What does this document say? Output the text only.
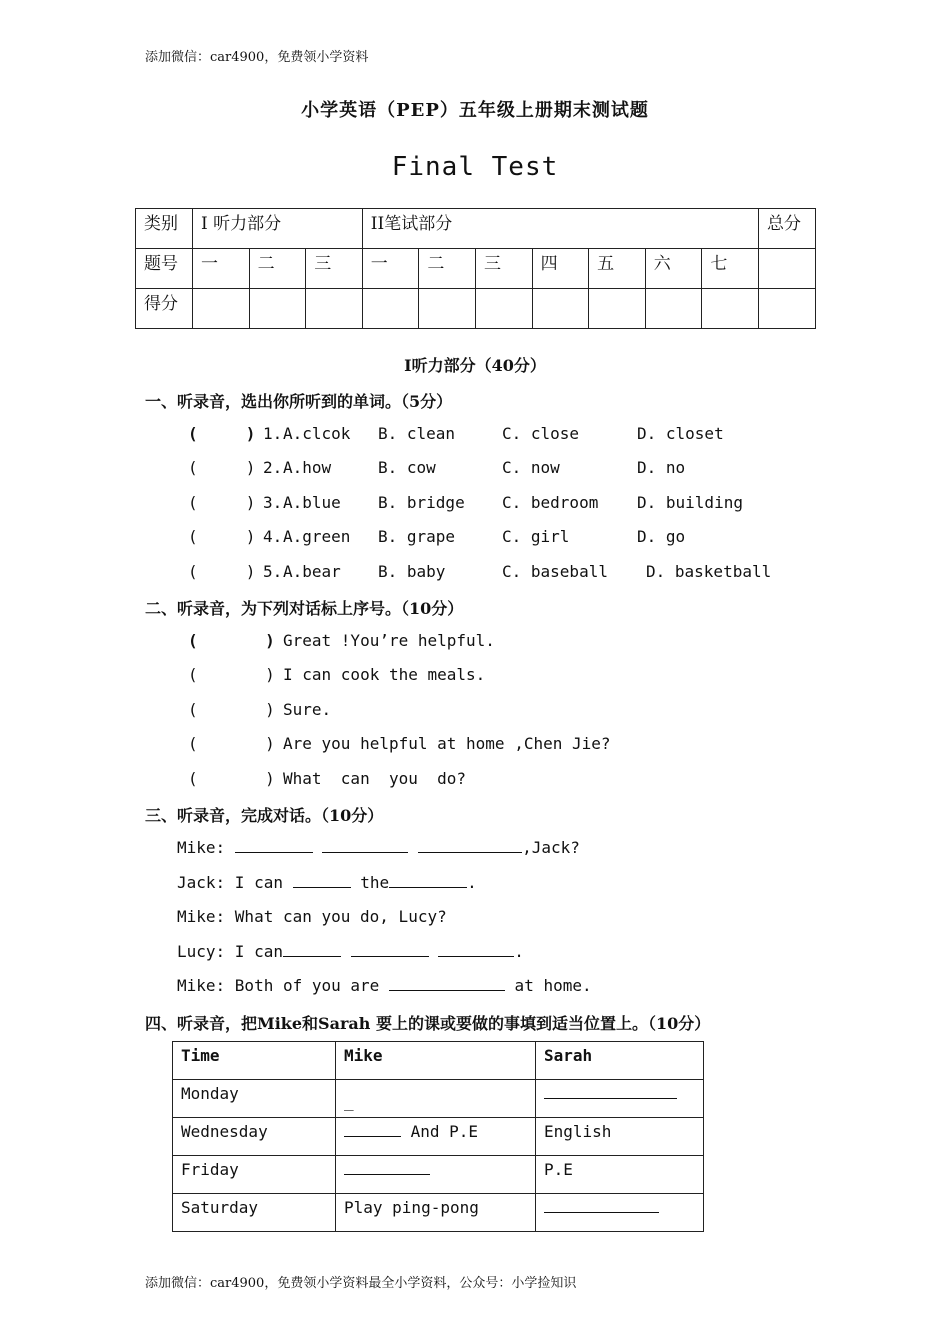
添加微信：car4900，免费领小学资料
小学英语（PEP）五年级上册期末测试题
Final Test
类别	I 听力部分			II笔试部分							总分
题号	一	二	三	一	二	三	四	五	六	七	
得分											
I听力部分（40分）
一、听录音，选出你所听到的单词。（5分）
(     ) 1. A.clcok B. clean	C. close	D. closet
(     ) 2. A.how	B. cow	C. now	D. no
(     ) 3. A.blue B. bridge C. bedroom D. building
(     ) 4. A.green B. grape	C. girl	D. go
(     ) 5. A.bear B. baby	C. baseball D. basketball
二、听录音，为下列对话标上序号。（10分）
(       ) Great !You’re helpful.
(       ) I can cook the meals.
(       ) Sure.
(       ) Are you helpful at home ,Chen Jie?
(       ) What  can  you  do?
三、听录音，完成对话。（10分）
Mike:	,Jack?
Jack: I can	the	.
Mike: What can you do, Lucy?
Lucy: I can	.
Mike: Both of you are	at home.
四、听录音，把Mike和Sarah 要上的课或要做的事填到适当位置上。（10分）
Time	Mike	Sarah
Monday	_	
Wednesday	And P.E	English
Friday		P.E
Saturday	Play ping-pong	
添加微信：car4900，免费领小学资料最全小学资料，公众号：小学捡知识
